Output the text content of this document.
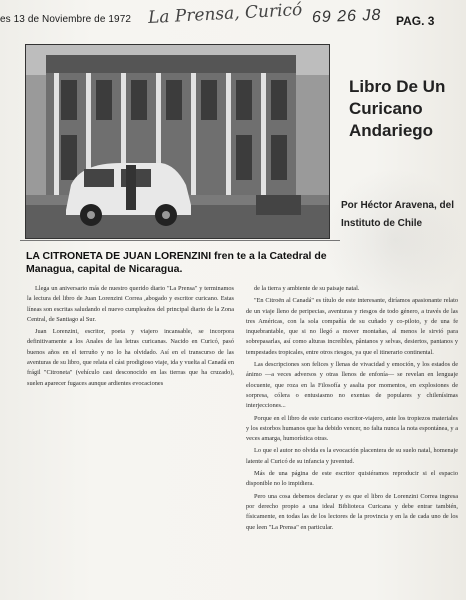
es 13 de Noviembre de 1972 La Prensa, Curicó 69 26 J8 PAG. 3
Libro De Un
Curicano
Andariego
Por Héctor Aravena, del
Instituto de Chile
LA CITRONETA DE JUAN LORENZINI fren te a la Catedral de Managua, capital de Nicaragua.

Llega un aniversario más de nuestro querido diario "La Prensa" y terminamos la lectura del libro de Juan Lorenzini Correa ,abogado y escritor curicano. Estas líneas son escritas saludando el nuevo cumpleaños del principal diario de la Zona Central, de Santiago al Sur.

Juan Lorenzini, escritor, poeta y viajero incansable, se incorpora definitivamente a los Anales de las letras curicanas. Nacido en Curicó, pasó buenos años en el terruño y no lo ha olvidado. Así en el transcurso de las aventuras de su libro, que relata el cási prodigioso viaje, ida y vuelta al Canadá en frágil "Citroneta" (vehículo casi desconocido en las tierras que ha cruzado), suelen aparecer fugaces aunque ardientes evocaciones

de la tierra y ambiente de su paisaje natal.

"En Citroën al Canadá" es título de este interesante, diríamos apasionante relato de un viaje lleno de peripecias, aventuras y riesgos de todo género, a través de las tres Américas, con la sola compañía de su cuñado y co-piloto, y de una fe inquebrantable, que si no llegó a mover montañas, al menos le sirvió para sobrepasarlas, así como alturas increíbles, pântanos y selvas, desiertos, pantanos y tempestades tropicales, entre otros riesgos, ya que el itinerario continental.

Las descripciones son felices y llenas de vivacidad y emoción, y los estados de ánimo —a veces adversos y otras llenos de enfonía— se revelan en lenguaje elocuente, que roza en la Filosofía y asalta por momentos, en explosiones de sorpresa, cólera o entusiasmo no exentas de populares y chilenísimas interjecciones...

Porque en el libro de este curicano escritor-viajero, ante los tropiezos materiales y los estorbos humanos que ha debido vencer, no falta nunca la nota espontánea, y a veces amarga, humorística otras.

Lo que el autor no olvida es la evocación placentera de su suelo natal, homenaje latente al Curicó de su infancia y juventud.

Más de una página de este escritor quisiéramos reproducir si el espacio disponible no lo impidiera.

Pero una cosa debemos declarar y es que el libro de Lorenzini Correa ingresa por derecho propio a una ideal Biblioteca Curicana y debe entrar también, físicamente, en todas las de los lectores de la provincia y en la de cada uno de los que leen "La Prensa" en particular.
